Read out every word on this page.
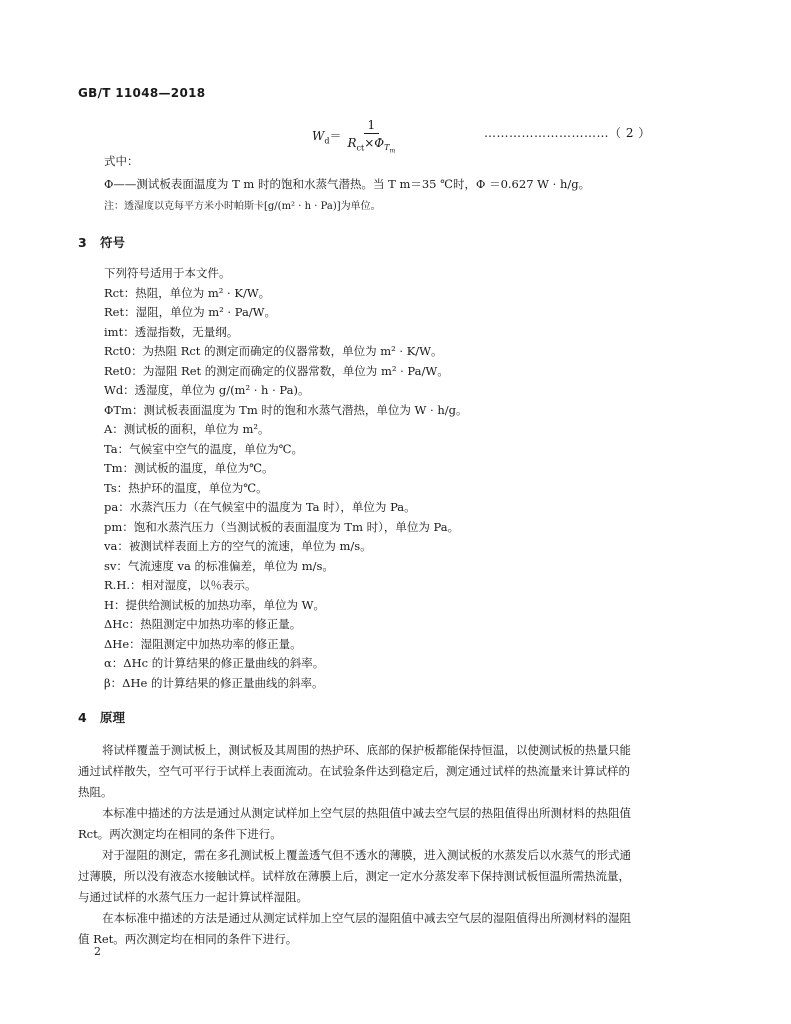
GB/T 11048—2018
$W_d= \frac{1}{R_{ct}\times\Phi_{T_m}}$	…………………………（ 2 ）
式中：
Φ——测试板表面温度为 T m 时的饱和水蒸气潜热。当 T m＝35 ℃时，Φ ＝0.627 W · h/g。
注：透湿度以克每平方米小时帕斯卡[g/(m² · h · Pa)]为单位。
3 符号
下列符号适用于本文件。
Rct：热阻，单位为 m² · K/W。
Ret：湿阻，单位为 m² · Pa/W。
imt：透湿指数，无量纲。
Rct0：为热阻 Rct 的测定而确定的仪器常数，单位为 m² · K/W。
Ret0：为湿阻 Ret 的测定而确定的仪器常数，单位为 m² · Pa/W。
Wd：透湿度，单位为 g/(m² · h · Pa)。
ΦTm：测试板表面温度为 Tm 时的饱和水蒸气潜热，单位为 W · h/g。
A：测试板的面积，单位为 m²。
Ta：气候室中空气的温度，单位为℃。
Tm：测试板的温度，单位为℃。
Ts：热护环的温度，单位为℃。
pa：水蒸汽压力（在气候室中的温度为 Ta 时），单位为 Pa。
pm：饱和水蒸汽压力（当测试板的表面温度为 Tm 时），单位为 Pa。
va：被测试样表面上方的空气的流速，单位为 m/s。
sv：气流速度 va 的标准偏差，单位为 m/s。
R.H.：相对湿度，以％表示。
H：提供给测试板的加热功率，单位为 W。
ΔHc：热阻测定中加热功率的修正量。
ΔHe：湿阻测定中加热功率的修正量。
α：ΔHc 的计算结果的修正量曲线的斜率。
β：ΔHe 的计算结果的修正量曲线的斜率。
4 原理
将试样覆盖于测试板上，测试板及其周围的热护环、底部的保护板都能保持恒温，以使测试板的热量只能通过试样散失，空气可平行于试样上表面流动。在试验条件达到稳定后，测定通过试样的热流量来计算试样的热阻。
本标准中描述的方法是通过从测定试样加上空气层的热阻值中减去空气层的热阻值得出所测材料的热阻值 Rct。两次测定均在相同的条件下进行。
对于湿阻的测定，需在多孔测试板上覆盖透气但不透水的薄膜，进入测试板的水蒸发后以水蒸气的形式通过薄膜，所以没有液态水接触试样。试样放在薄膜上后，测定一定水分蒸发率下保持测试板恒温所需热流量，与通过试样的水蒸气压力一起计算试样湿阻。
在本标准中描述的方法是通过从测定试样加上空气层的湿阻值中减去空气层的湿阻值得出所测材料的湿阻值 Ret。两次测定均在相同的条件下进行。
2
